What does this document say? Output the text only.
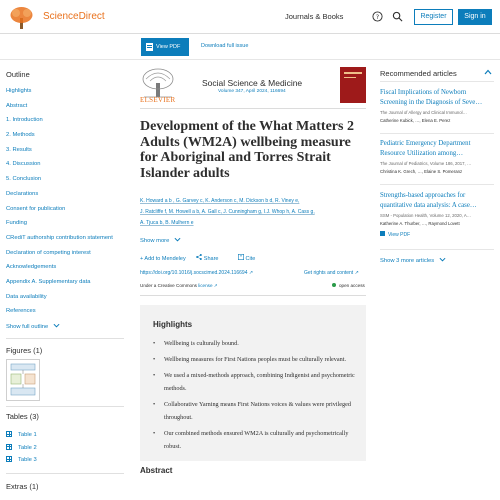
ScienceDirect	Journals & Books	?	Register	Sign in
View PDF	Download full issue
Outline
Highlights
Abstract
1. Introduction
2. Methods
3. Results
4. Discussion
5. Conclusion
Declarations
Consent for publication
Funding
CRediT authorship contribution statement
Declaration of competing interest
Acknowledgements
Appendix A. Supplementary data
Data availability
References
Show full outline
Figures (1)
Tables (3)
Table 1
Table 2
Table 3
Extras (1)
ELSEVIER
Social Science & Medicine
Volume 347, April 2024, 116694
Development of the What Matters 2 Adults (WM2A) wellbeing measure for Aboriginal and Torres Strait Islander adults
K. Howard a b , G. Garvey c, K. Anderson c, M. Dickson b d, R. Viney e,
J. Ratcliffe f, M. Howell a b, A. Gall c, J. Cunningham g, I.J. Whop h, A. Cass g,
A. Tjuca b, B. Mulhern e
Show more
+ Add to Mendeley	Share	" Cite
https://doi.org/10.1016/j.socscimed.2024.116694 ↗	Get rights and content ↗
Under a Creative Commons license ↗	open access
Highlights
• Wellbeing is culturally bound.
• Wellbeing measures for First Nations peoples must be culturally relevant.
• We used a mixed-methods approach, combining Indigenist and psychometric methods.
• Collaborative Yarning means First Nations voices & values were privileged throughout.
• Our combined methods ensured WM2A is culturally and psychometrically robust.
Abstract
Recommended articles
Fiscal Implications of Newborn Screening in the Diagnosis of Seve…
The Journal of Allergy and Clinical Immunol…
Catherine Kubick, …, Elena E. Perez
Pediatric Emergency Department Resource Utilization among…
The Journal of Pediatrics, Volume 186, 2017, …
Christina K. Grech, …, Elaine S. Pomeranz
Strengths-based approaches for quantitative data analysis: A case…
SSM - Population Health, Volume 12, 2020, A…
Katherine A. Thurber, …, Raymond Lovett
View PDF
Show 3 more articles
